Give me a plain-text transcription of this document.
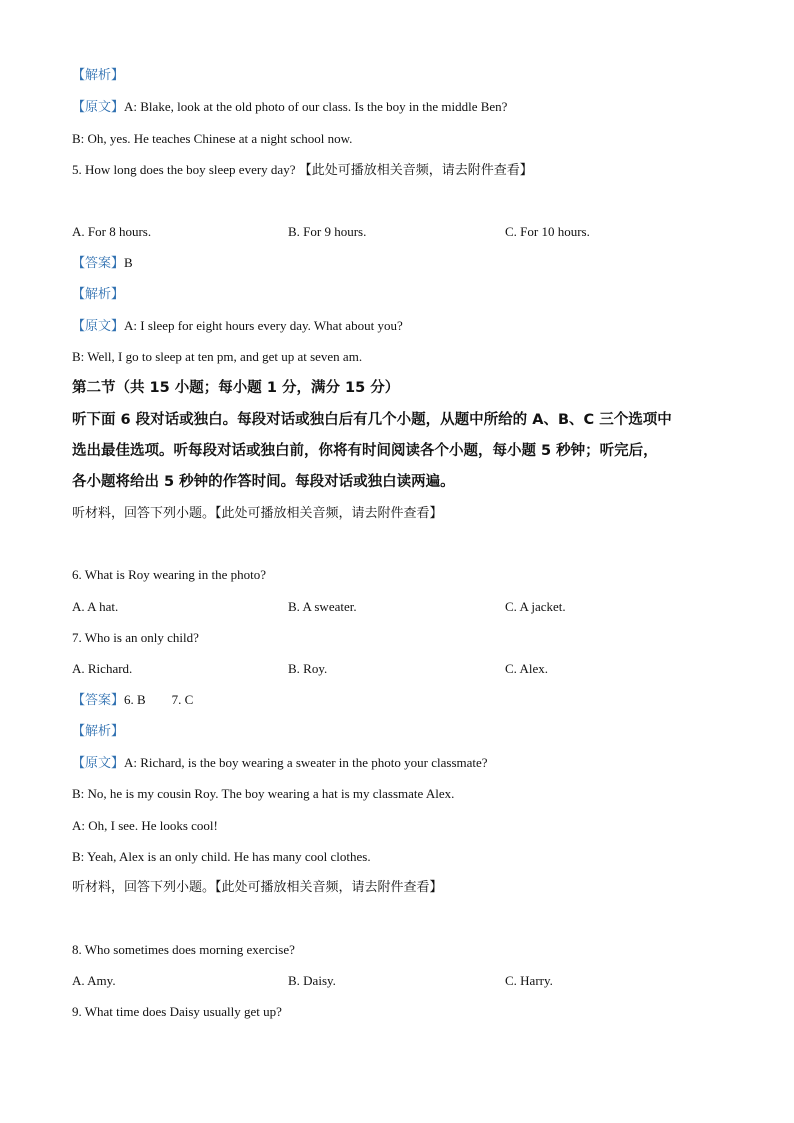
【解析】
【原文】A: Blake, look at the old photo of our class. Is the boy in the middle Ben?
B: Oh, yes. He teaches Chinese at a night school now.
5. How long does the boy sleep every day? 【此处可播放相关音频，请去附件查看】
A. For 8 hours.	B. For 9 hours.	C. For 10 hours.
【答案】B
【解析】
【原文】A: I sleep for eight hours every day. What about you?
B: Well, I go to sleep at ten pm, and get up at seven am.
第二节（共 15 小题；每小题 1 分，满分 15 分）
听下面 6 段对话或独白。每段对话或独白后有几个小题，从题中所给的 A、B、C 三个选项中
选出最佳选项。听每段对话或独白前，你将有时间阅读各个小题，每小题 5 秒钟；听完后，
各小题将给出 5 秒钟的作答时间。每段对话或独白读两遍。
听材料，回答下列小题。【此处可播放相关音频，请去附件查看】
6. What is Roy wearing in the photo?
A. A hat.	B. A sweater.	C. A jacket.
7. Who is an only child?
A. Richard.	B. Roy.	C. Alex.
【答案】6. B        7. C
【解析】
【原文】A: Richard, is the boy wearing a sweater in the photo your classmate?
B: No, he is my cousin Roy. The boy wearing a hat is my classmate Alex.
A: Oh, I see. He looks cool!
B: Yeah, Alex is an only child. He has many cool clothes.
听材料，回答下列小题。【此处可播放相关音频，请去附件查看】
8. Who sometimes does morning exercise?
A. Amy.	B. Daisy.	C. Harry.
9. What time does Daisy usually get up?
